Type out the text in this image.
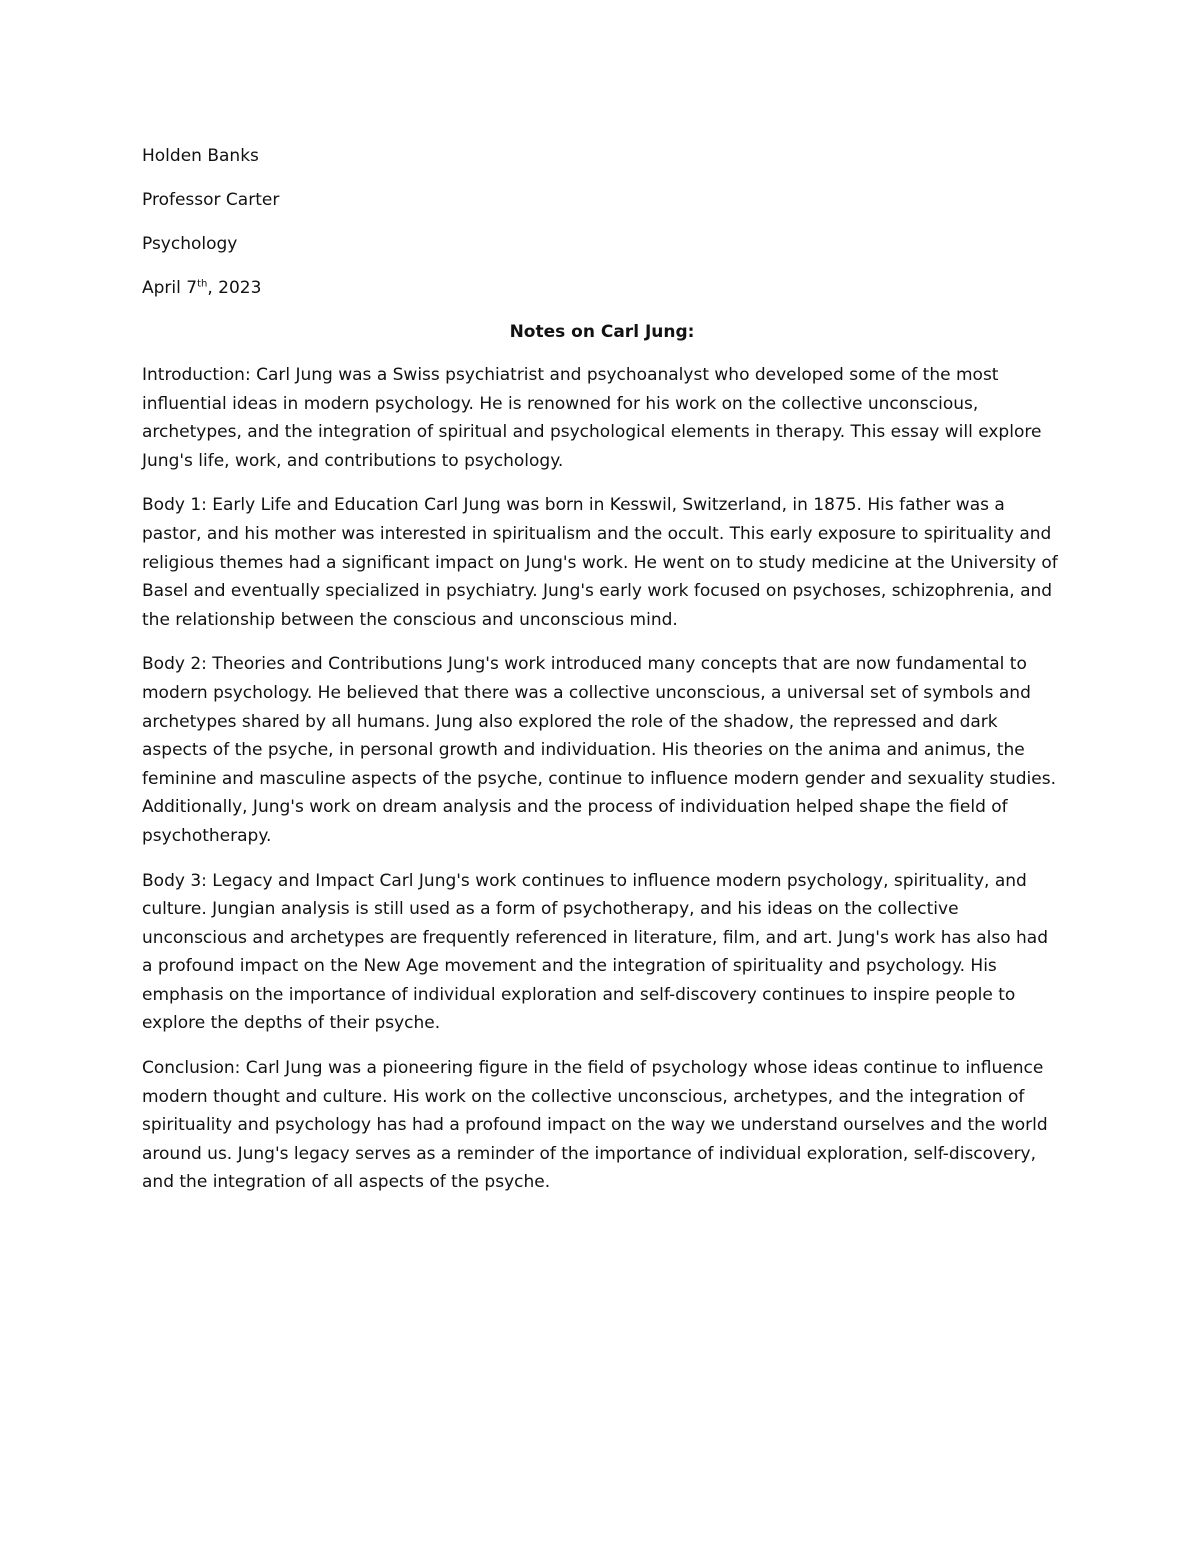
Holden Banks
Professor Carter
Psychology
April 7th, 2023
Notes on Carl Jung:

Introduction: Carl Jung was a Swiss psychiatrist and psychoanalyst who developed some of the most influential ideas in modern psychology. He is renowned for his work on the collective unconscious, archetypes, and the integration of spiritual and psychological elements in therapy. This essay will explore Jung's life, work, and contributions to psychology.

Body 1: Early Life and Education Carl Jung was born in Kesswil, Switzerland, in 1875. His father was a pastor, and his mother was interested in spiritualism and the occult. This early exposure to spirituality and religious themes had a significant impact on Jung's work. He went on to study medicine at the University of Basel and eventually specialized in psychiatry. Jung's early work focused on psychoses, schizophrenia, and the relationship between the conscious and unconscious mind.

Body 2: Theories and Contributions Jung's work introduced many concepts that are now fundamental to modern psychology. He believed that there was a collective unconscious, a universal set of symbols and archetypes shared by all humans. Jung also explored the role of the shadow, the repressed and dark aspects of the psyche, in personal growth and individuation. His theories on the anima and animus, the feminine and masculine aspects of the psyche, continue to influence modern gender and sexuality studies. Additionally, Jung's work on dream analysis and the process of individuation helped shape the field of psychotherapy.

Body 3: Legacy and Impact Carl Jung's work continues to influence modern psychology, spirituality, and culture. Jungian analysis is still used as a form of psychotherapy, and his ideas on the collective unconscious and archetypes are frequently referenced in literature, film, and art. Jung's work has also had a profound impact on the New Age movement and the integration of spirituality and psychology. His emphasis on the importance of individual exploration and self-discovery continues to inspire people to explore the depths of their psyche.

Conclusion: Carl Jung was a pioneering figure in the field of psychology whose ideas continue to influence modern thought and culture. His work on the collective unconscious, archetypes, and the integration of spirituality and psychology has had a profound impact on the way we understand ourselves and the world around us. Jung's legacy serves as a reminder of the importance of individual exploration, self-discovery, and the integration of all aspects of the psyche.
